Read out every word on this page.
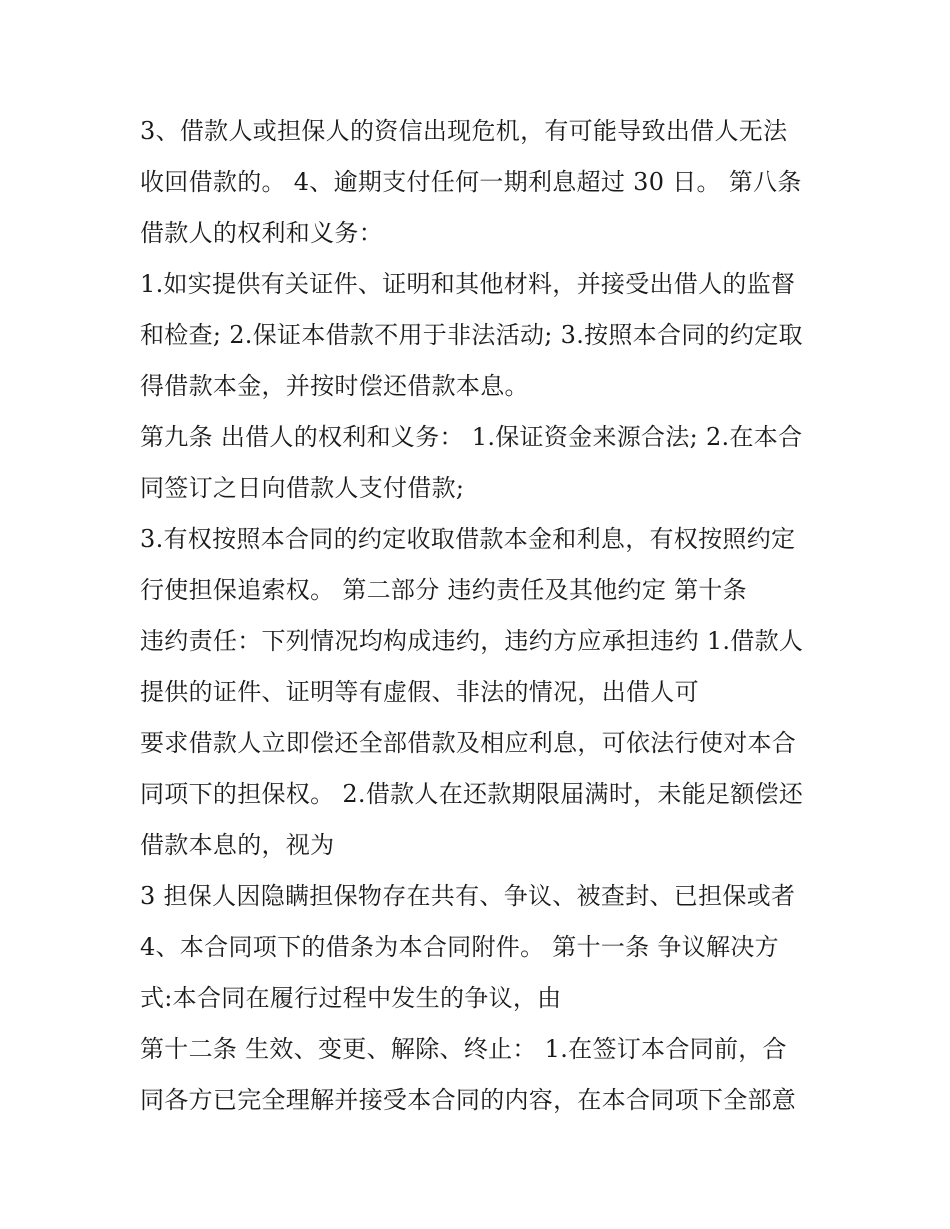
3、借款人或担保人的资信出现危机，有可能导致出借人无法
收回借款的。 4、逾期支付任何一期利息超过 30 日。 第八条
借款人的权利和义务：
1.如实提供有关证件、证明和其他材料，并接受出借人的监督
和检查; 2.保证本借款不用于非法活动; 3.按照本合同的约定取
得借款本金，并按时偿还借款本息。
第九条 出借人的权利和义务： 1.保证资金来源合法; 2.在本合
同签订之日向借款人支付借款;
3.有权按照本合同的约定收取借款本金和利息，有权按照约定
行使担保追索权。 第二部分 违约责任及其他约定 第十条
违约责任：下列情况均构成违约，违约方应承担违约 1.借款人
提供的证件、证明等有虚假、非法的情况，出借人可
要求借款人立即偿还全部借款及相应利息，可依法行使对本合
同项下的担保权。 2.借款人在还款期限届满时，未能足额偿还
借款本息的，视为
3 担保人因隐瞒担保物存在共有、争议、被查封、已担保或者
4、本合同项下的借条为本合同附件。 第十一条 争议解决方
式:本合同在履行过程中发生的争议，由
第十二条 生效、变更、解除、终止： 1.在签订本合同前，合
同各方已完全理解并接受本合同的内容，在本合同项下全部意
